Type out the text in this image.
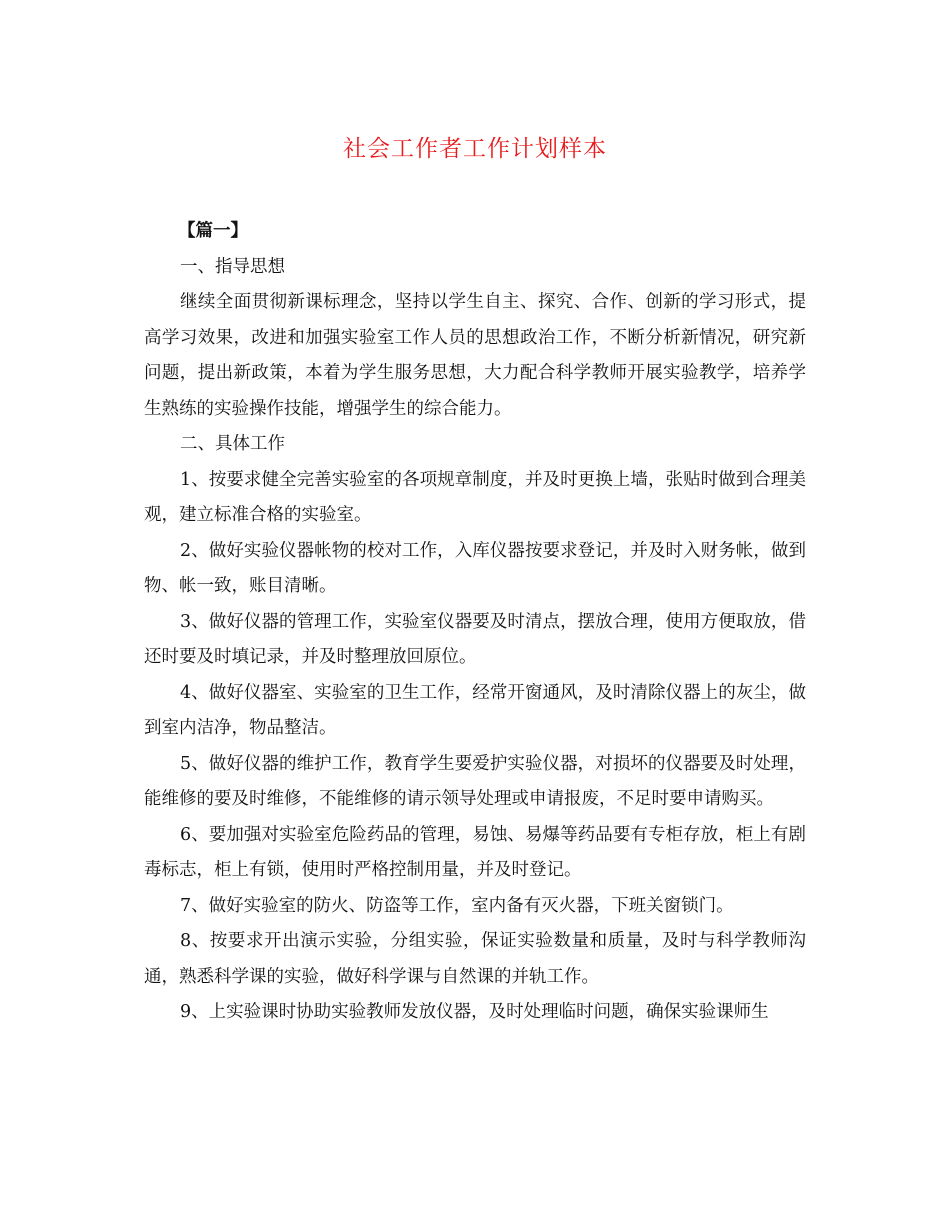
社会工作者工作计划样本

【篇一】

一、指导思想

继续全面贯彻新课标理念，坚持以学生自主、探究、合作、创新的学习形式，提高学习效果，改进和加强实验室工作人员的思想政治工作，不断分析新情况，研究新问题，提出新政策，本着为学生服务思想，大力配合科学教师开展实验教学，培养学生熟练的实验操作技能，增强学生的综合能力。

二、具体工作

1、按要求健全完善实验室的各项规章制度，并及时更换上墙，张贴时做到合理美观，建立标准合格的实验室。

2、做好实验仪器帐物的校对工作，入库仪器按要求登记，并及时入财务帐，做到物、帐一致，账目清晰。

3、做好仪器的管理工作，实验室仪器要及时清点，摆放合理，使用方便取放，借还时要及时填记录，并及时整理放回原位。

4、做好仪器室、实验室的卫生工作，经常开窗通风，及时清除仪器上的灰尘，做到室内洁净，物品整洁。

5、做好仪器的维护工作，教育学生要爱护实验仪器，对损坏的仪器要及时处理，能维修的要及时维修，不能维修的请示领导处理或申请报废，不足时要申请购买。

6、要加强对实验室危险药品的管理，易蚀、易爆等药品要有专柜存放，柜上有剧毒标志，柜上有锁，使用时严格控制用量，并及时登记。

7、做好实验室的防火、防盗等工作，室内备有灭火器，下班关窗锁门。

8、按要求开出演示实验，分组实验，保证实验数量和质量，及时与科学教师沟通，熟悉科学课的实验，做好科学课与自然课的并轨工作。

9、上实验课时协助实验教师发放仪器，及时处理临时问题，确保实验课师生
